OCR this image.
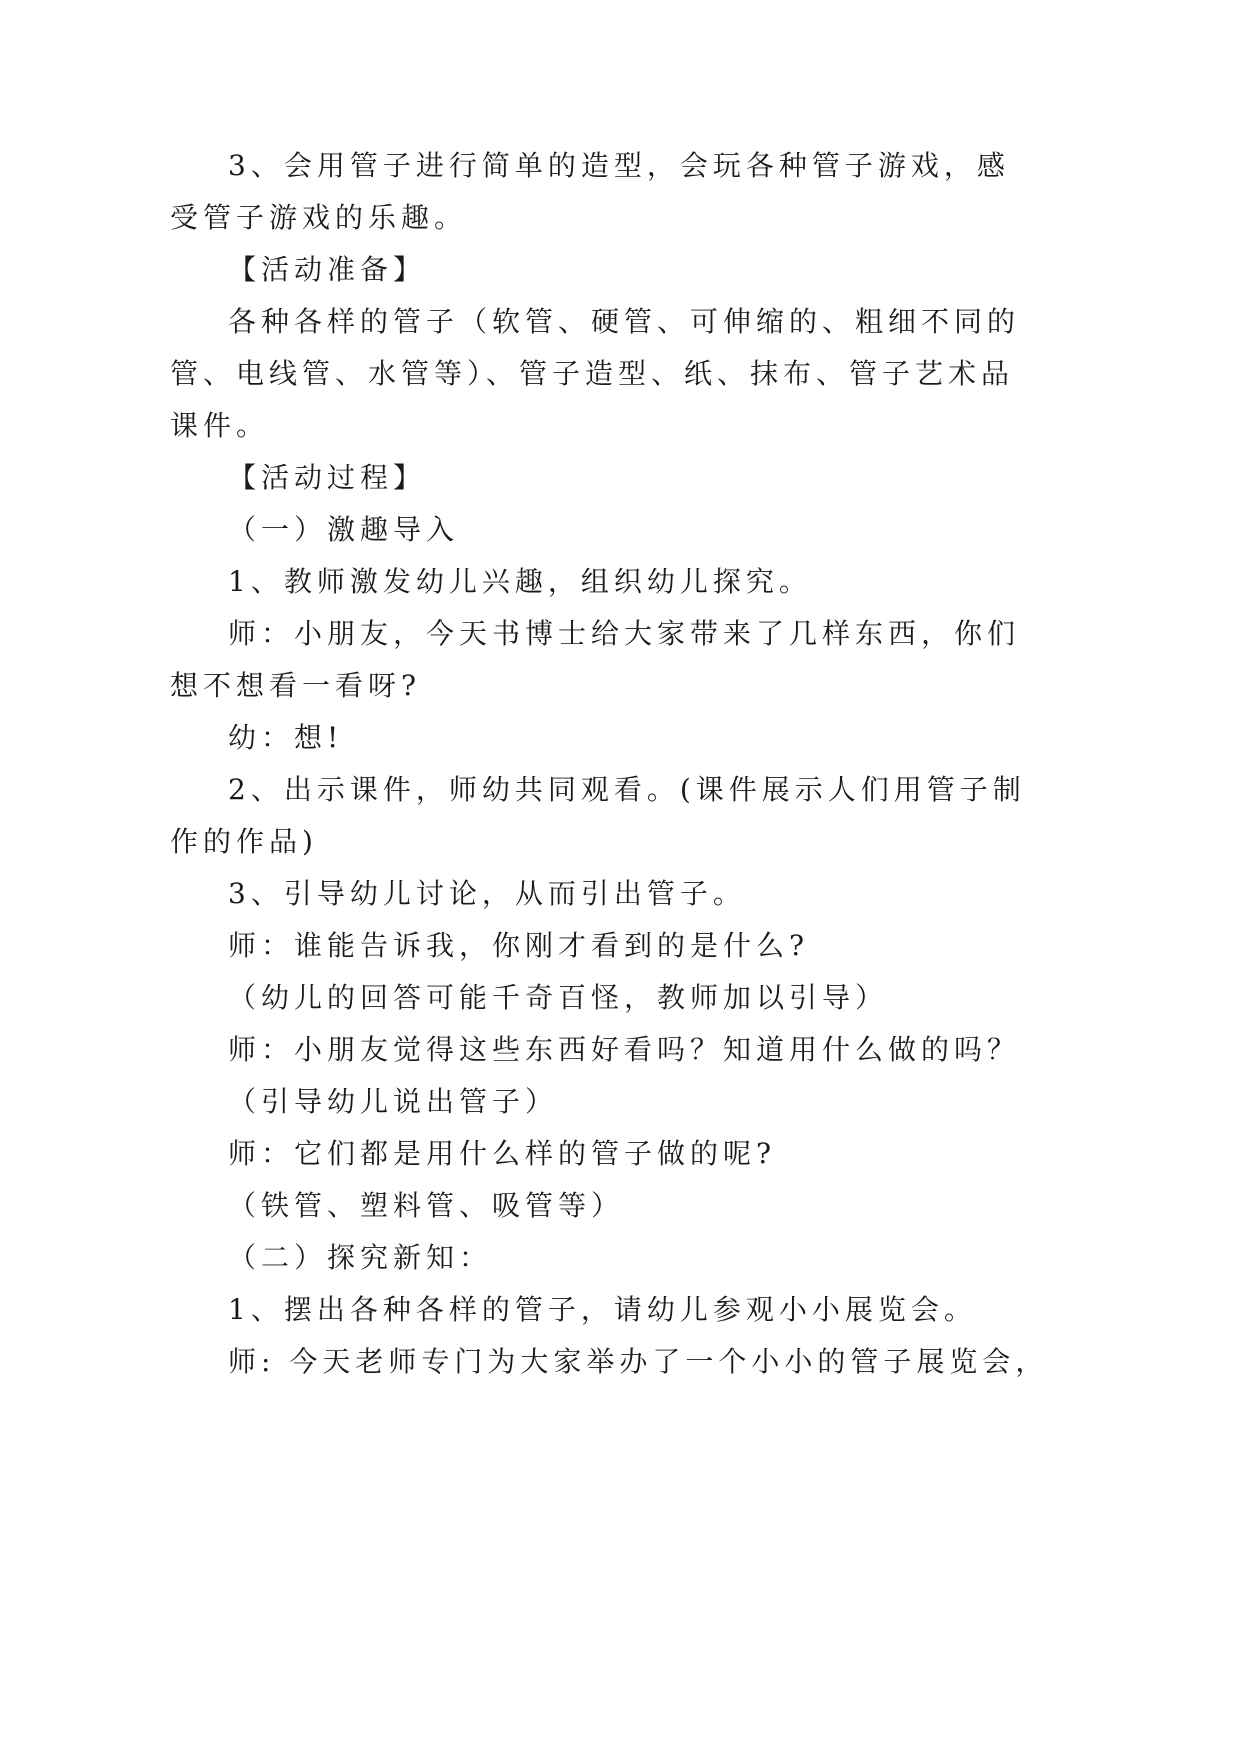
3、会用管子进行简单的造型，会玩各种管子游戏，感
受管子游戏的乐趣。
【活动准备】
各种各样的管子（软管、硬管、可伸缩的、粗细不同的
管、电线管、水管等）、管子造型、纸、抹布、管子艺术品
课件。
【活动过程】
（一）激趣导入
1、教师激发幼儿兴趣，组织幼儿探究。
师：小朋友，今天书博士给大家带来了几样东西，你们
想不想看一看呀?
幼：想!
2、出示课件，师幼共同观看。(课件展示人们用管子制
作的作品)
3、引导幼儿讨论，从而引出管子。
师：谁能告诉我，你刚才看到的是什么?
（幼儿的回答可能千奇百怪，教师加以引导）
师：小朋友觉得这些东西好看吗？知道用什么做的吗？
（引导幼儿说出管子）
师：它们都是用什么样的管子做的呢?
（铁管、塑料管、吸管等）
（二）探究新知：
1、摆出各种各样的管子，请幼儿参观小小展览会。
师: 今天老师专门为大家举办了一个小小的管子展览会，
